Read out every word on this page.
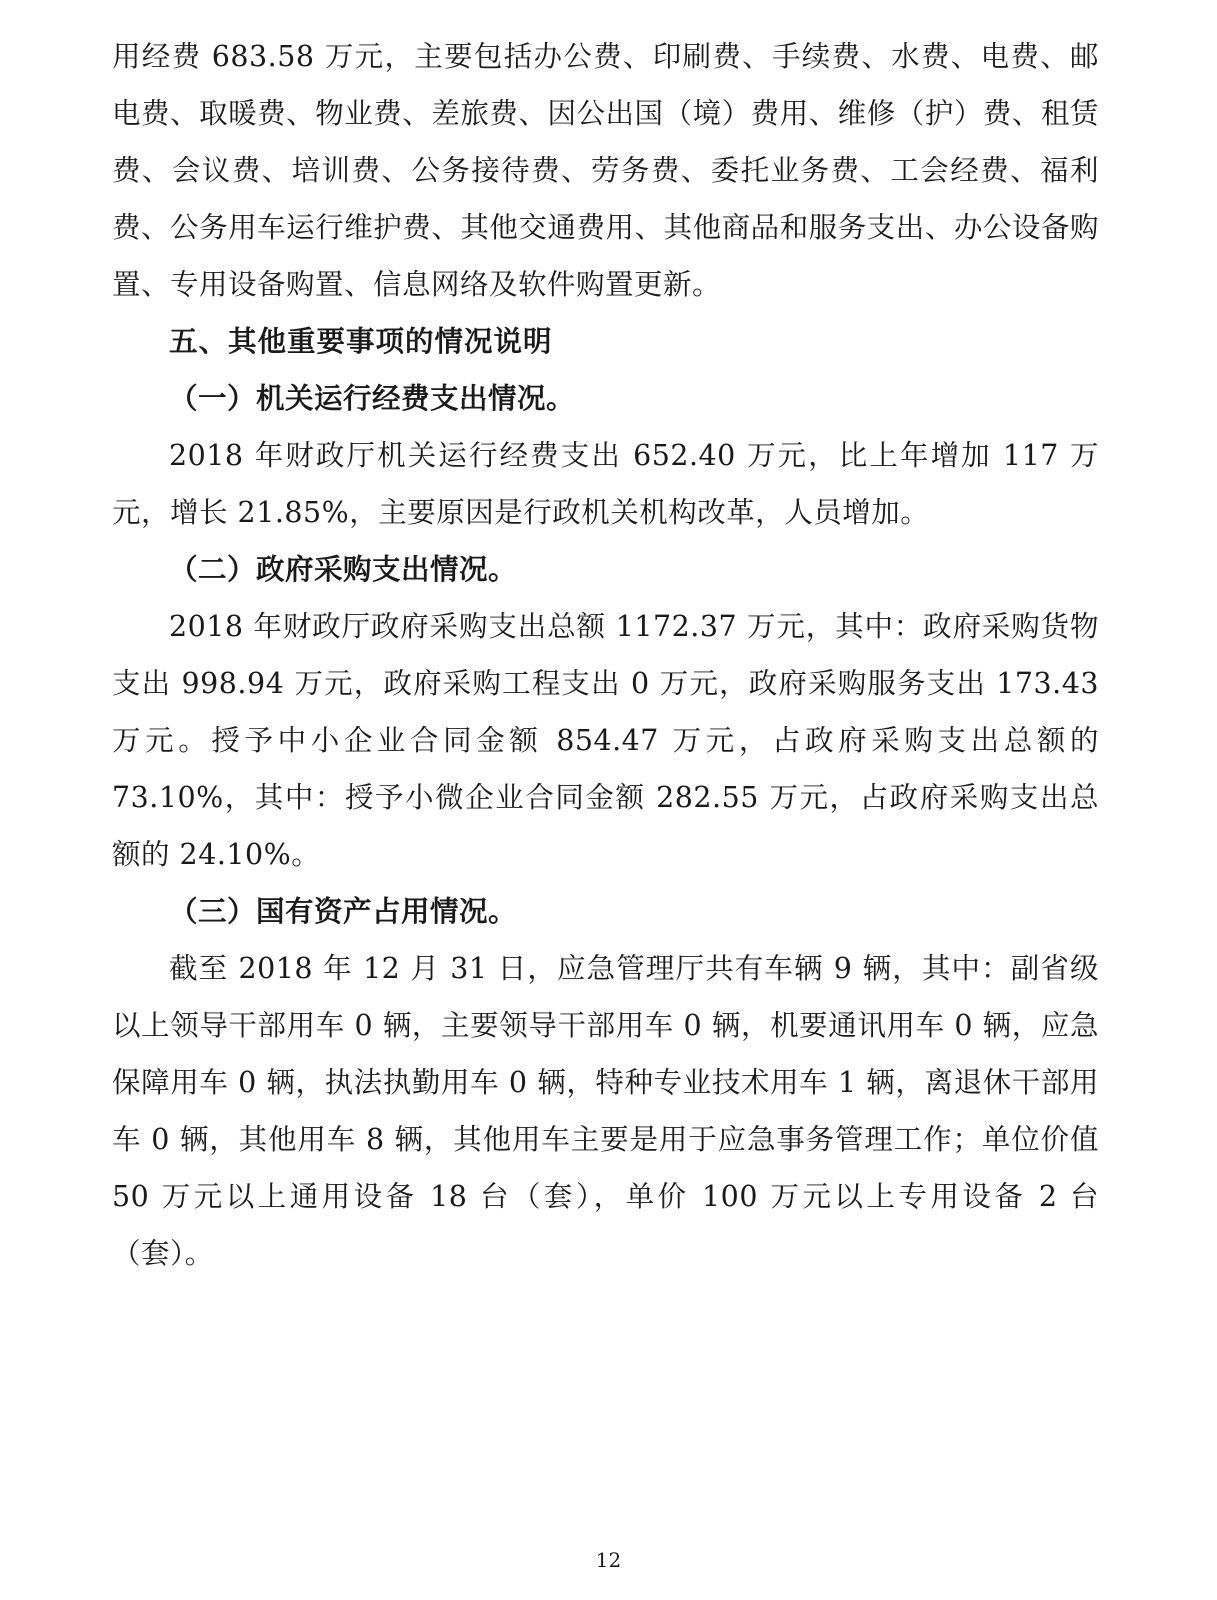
用经费 683.58 万元，主要包括办公费、印刷费、手续费、水费、电费、邮电费、取暖费、物业费、差旅费、因公出国（境）费用、维修（护）费、租赁费、会议费、培训费、公务接待费、劳务费、委托业务费、工会经费、福利费、公务用车运行维护费、其他交通费用、其他商品和服务支出、办公设备购置、专用设备购置、信息网络及软件购置更新。

五、其他重要事项的情况说明

（一）机关运行经费支出情况。

2018 年财政厅机关运行经费支出 652.40 万元，比上年增加 117 万元，增长 21.85%，主要原因是行政机关机构改革，人员增加。

（二）政府采购支出情况。

2018 年财政厅政府采购支出总额 1172.37 万元，其中：政府采购货物支出 998.94 万元，政府采购工程支出 0 万元，政府采购服务支出 173.43 万元。授予中小企业合同金额 854.47 万元，占政府采购支出总额的 73.10%，其中：授予小微企业合同金额 282.55 万元，占政府采购支出总额的 24.10%。

（三）国有资产占用情况。

截至 2018 年 12 月 31 日，应急管理厅共有车辆 9 辆，其中：副省级以上领导干部用车 0 辆，主要领导干部用车 0 辆，机要通讯用车 0 辆，应急保障用车 0 辆，执法执勤用车 0 辆，特种专业技术用车 1 辆，离退休干部用车 0 辆，其他用车 8 辆，其他用车主要是用于应急事务管理工作；单位价值 50 万元以上通用设备 18 台（套），单价 100 万元以上专用设备 2 台（套）。

12
